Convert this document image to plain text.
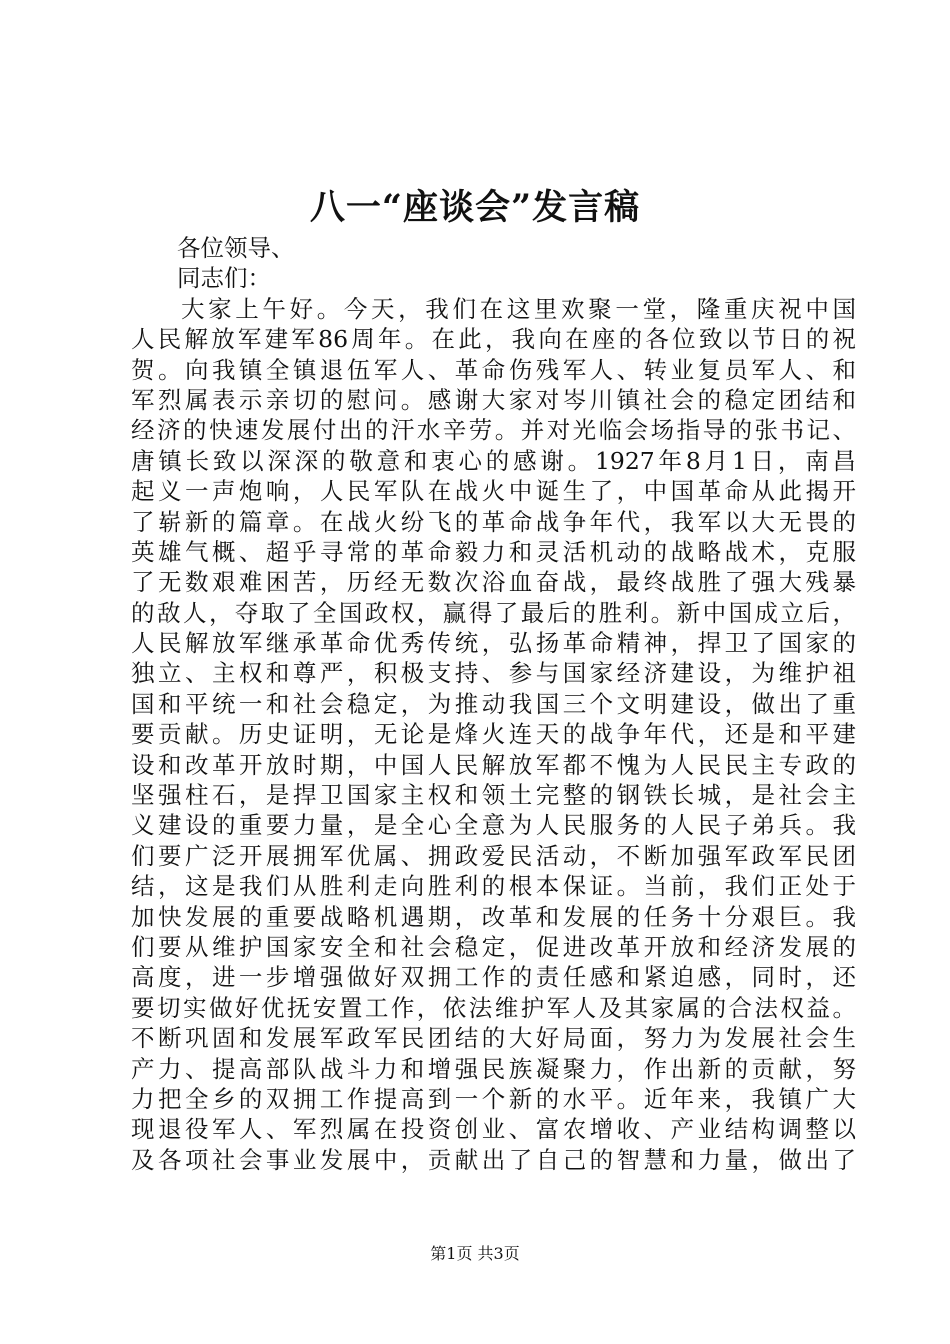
八一“座谈会”发言稿
各位领导、
同志们：
大家上午好。今天，我们在这里欢聚一堂，隆重庆祝中国
人民解放军建军86周年。在此，我向在座的各位致以节日的祝
贺。向我镇全镇退伍军人、革命伤残军人、转业复员军人、和
军烈属表示亲切的慰问。感谢大家对岑川镇社会的稳定团结和
经济的快速发展付出的汗水辛劳。并对光临会场指导的张书记、
唐镇长致以深深的敬意和衷心的感谢。1927年8月1日，南昌
起义一声炮响，人民军队在战火中诞生了，中国革命从此揭开
了崭新的篇章。在战火纷飞的革命战争年代，我军以大无畏的
英雄气概、超乎寻常的革命毅力和灵活机动的战略战术，克服
了无数艰难困苦，历经无数次浴血奋战，最终战胜了强大残暴
的敌人，夺取了全国政权，赢得了最后的胜利。新中国成立后，
人民解放军继承革命优秀传统，弘扬革命精神，捍卫了国家的
独立、主权和尊严，积极支持、参与国家经济建设，为维护祖
国和平统一和社会稳定，为推动我国三个文明建设，做出了重
要贡献。历史证明，无论是烽火连天的战争年代，还是和平建
设和改革开放时期，中国人民解放军都不愧为人民民主专政的
坚强柱石，是捍卫国家主权和领土完整的钢铁长城，是社会主
义建设的重要力量，是全心全意为人民服务的人民子弟兵。我
们要广泛开展拥军优属、拥政爱民活动，不断加强军政军民团
结，这是我们从胜利走向胜利的根本保证。当前，我们正处于
加快发展的重要战略机遇期，改革和发展的任务十分艰巨。我
们要从维护国家安全和社会稳定，促进改革开放和经济发展的
高度，进一步增强做好双拥工作的责任感和紧迫感，同时，还
要切实做好优抚安置工作，依法维护军人及其家属的合法权益。
不断巩固和发展军政军民团结的大好局面，努力为发展社会生
产力、提高部队战斗力和增强民族凝聚力，作出新的贡献，努
力把全乡的双拥工作提高到一个新的水平。近年来，我镇广大
现退役军人、军烈属在投资创业、富农增收、产业结构调整以
及各项社会事业发展中，贡献出了自己的智慧和力量，做出了
第1页 共3页
